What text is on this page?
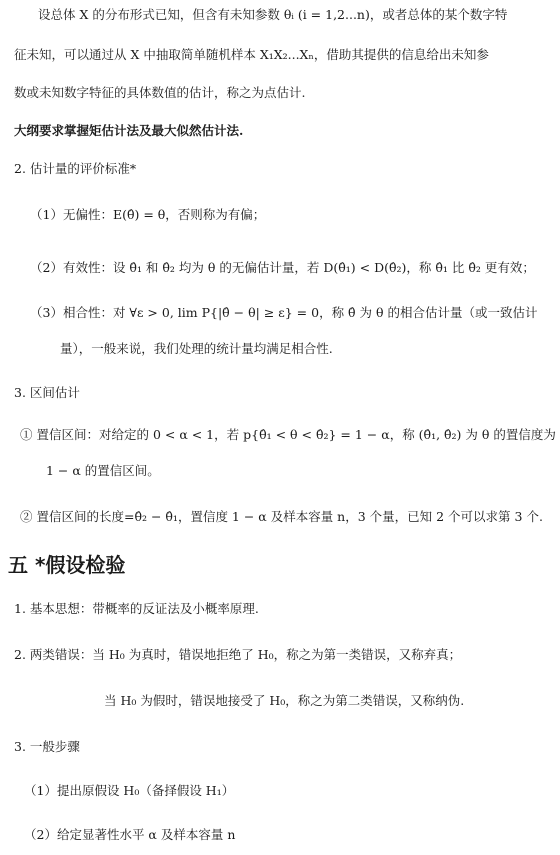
设总体 X 的分布形式已知，但含有未知参数 θᵢ (i = 1,2...n)，或者总体的某个数字特
征未知，可以通过从 X 中抽取简单随机样本 X₁X₂...Xₙ，借助其提供的信息给出未知参
数或未知数字特征的具体数值的估计，称之为点估计.
大纲要求掌握矩估计法及最大似然估计法.
2. 估计量的评价标准*
（1）无偏性：E(θ̂) = θ，否则称为有偏；
（2）有效性：设 θ̂₁ 和 θ̂₂ 均为 θ 的无偏估计量，若 D(θ̂₁) < D(θ̂₂)，称 θ̂₁ 比 θ̂₂ 更有效；
（3）相合性：对 ∀ε > 0, lim P{|θ̂ − θ| ≥ ε} = 0，称 θ̂ 为 θ 的相合估计量（或一致估计
量），一般来说，我们处理的统计量均满足相合性.
3. 区间估计
① 置信区间：对给定的 0 < α < 1，若 p{θ̂₁ < θ < θ̂₂} = 1 − α，称 (θ̂₁, θ̂₂) 为 θ 的置信度为
1 − α 的置信区间。
② 置信区间的长度=θ̂₂ − θ̂₁，置信度 1 − α 及样本容量 n，3 个量，已知 2 个可以求第 3 个.
五 *假设检验
1. 基本思想：带概率的反证法及小概率原理.
2. 两类错误：当 H₀ 为真时，错误地拒绝了 H₀，称之为第一类错误，又称弃真；
当 H₀ 为假时，错误地接受了 H₀，称之为第二类错误，又称纳伪.
3. 一般步骤
（1）提出原假设 H₀（备择假设 H₁）
（2）给定显著性水平 α 及样本容量 n
